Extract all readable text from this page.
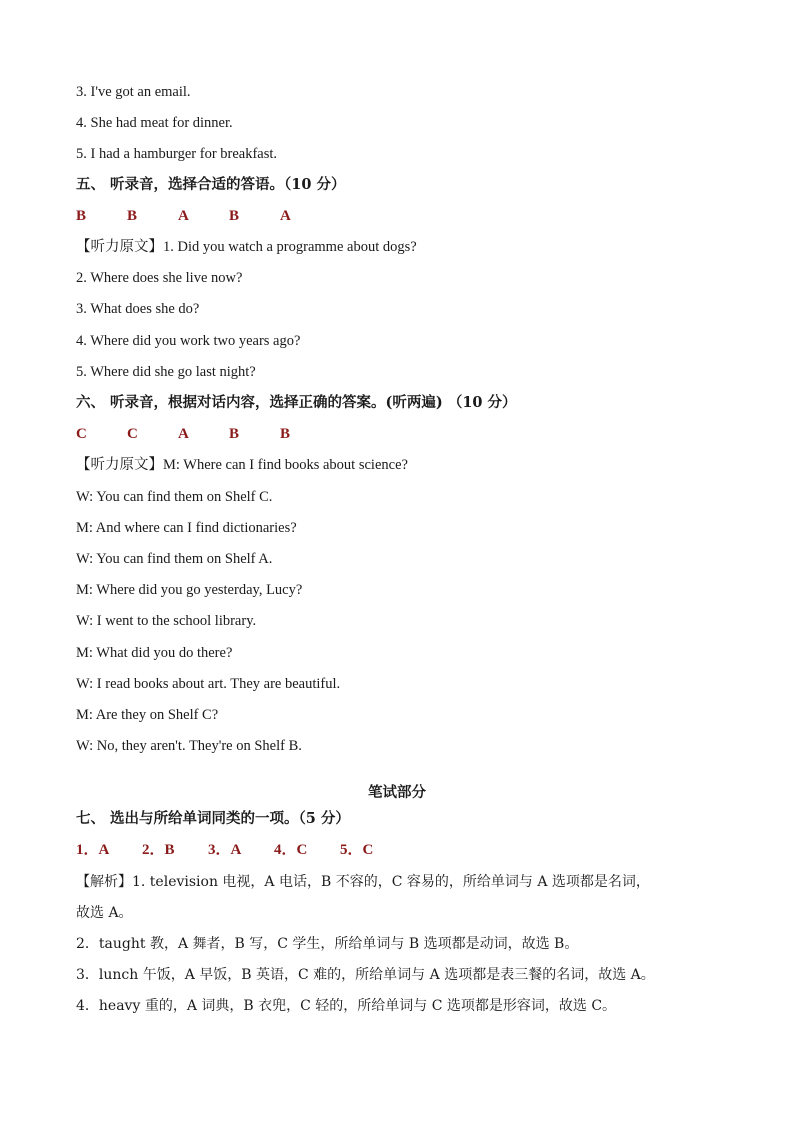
3. I've got an email.
4. She had meat for dinner.
5. I had a hamburger for breakfast.
五、 听录音，选择合适的答语。（10 分）
B	B	A	B	A
【听力原文】1. Did you watch a programme about dogs?
2. Where does she live now?
3. What does she do?
4. Where did you work two years ago?
5. Where did she go last night?
六、 听录音，根据对话内容，选择正确的答案。(听两遍) （10 分）
C	C	A	B	B
【听力原文】M: Where can I find books about science?
W: You can find them on Shelf C.
M: And where can I find dictionaries?
W: You can find them on Shelf A.
M: Where did you go yesterday, Lucy?
W: I went to the school library.
M: What did you do there?
W: I read books about art. They are beautiful.
M: Are they on Shelf C?
W: No, they aren't. They're on Shelf B.
笔试部分
七、 选出与所给单词同类的一项。（5 分）
1．A 2．B 3．A 4．C 5．C
【解析】1. television 电视，A 电话，B 不容的，C 容易的，所给单词与 A 选项都是名词，
故选 A。
2．taught 教，A 舞者，B 写，C 学生，所给单词与 B 选项都是动词，故选 B。
3．lunch 午饭，A 早饭，B 英语，C 难的，所给单词与 A 选项都是表三餐的名词，故选 A。
4．heavy 重的，A 词典，B 衣兜，C 轻的，所给单词与 C 选项都是形容词，故选 C。
